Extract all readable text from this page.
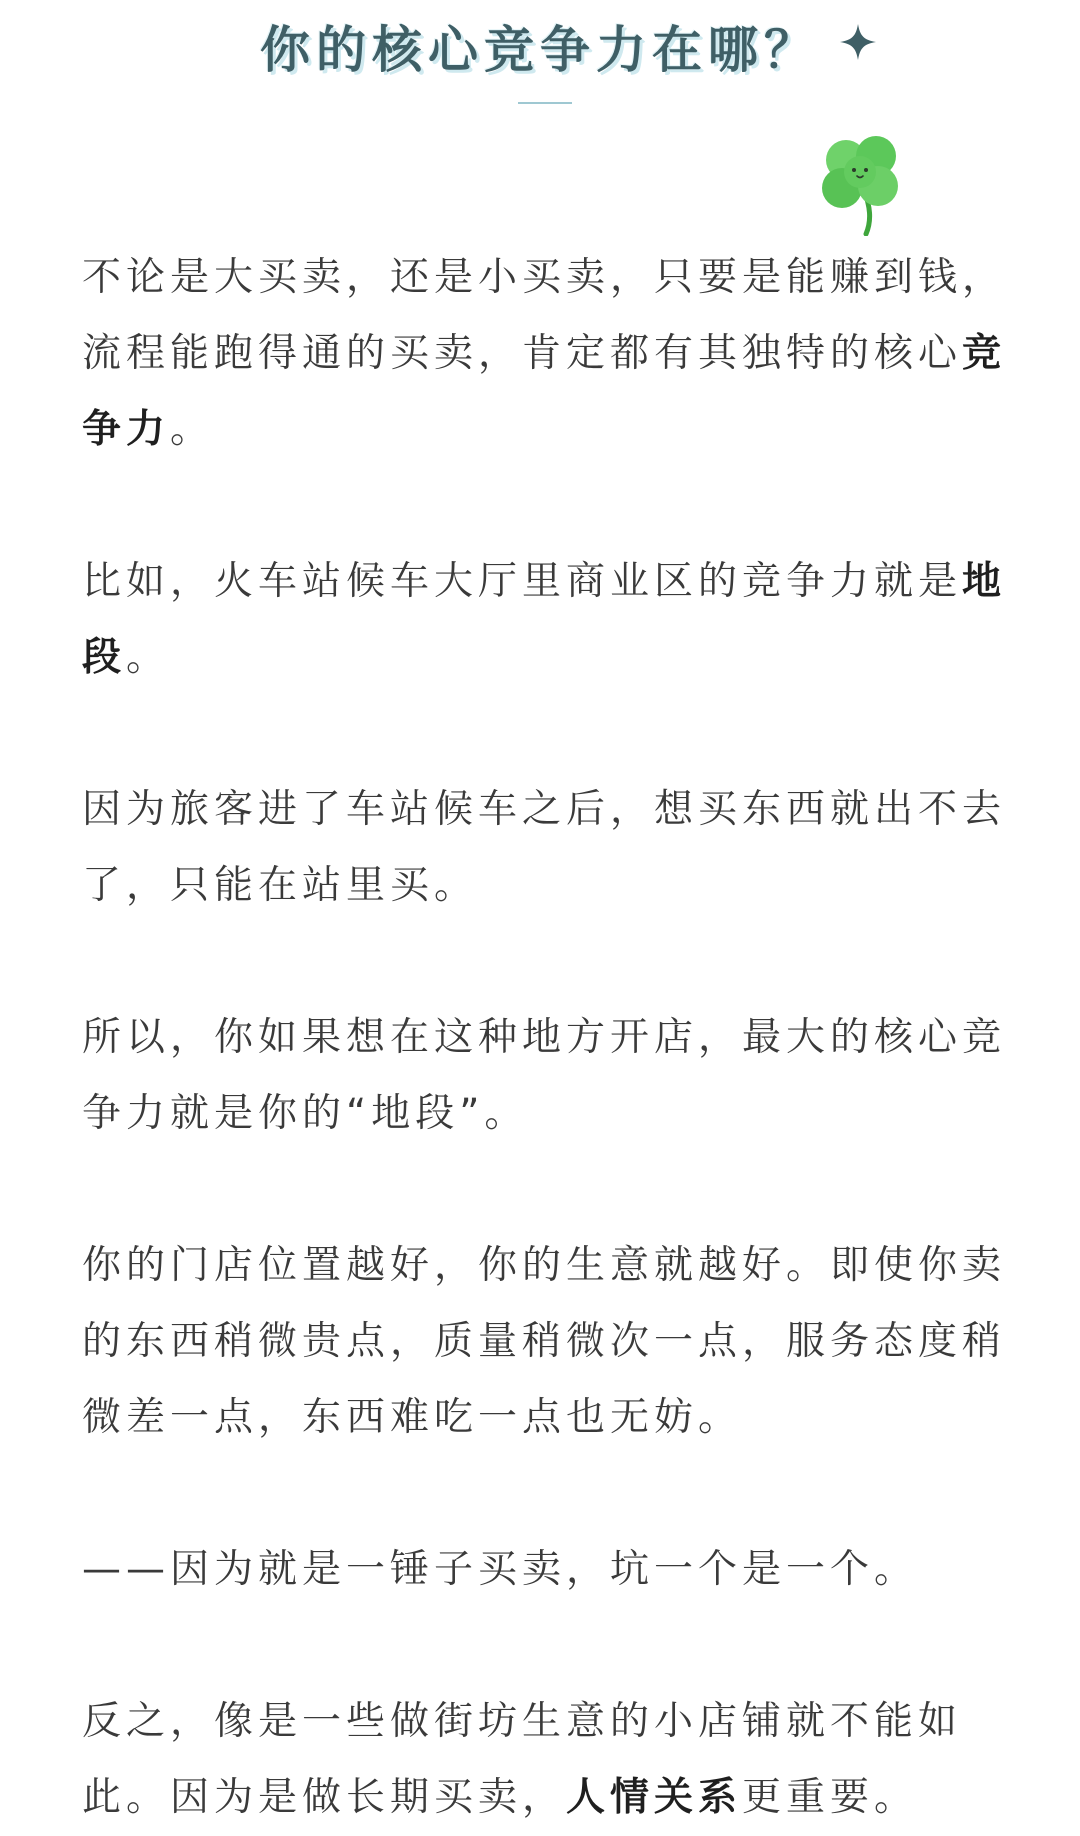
你的核心竞争力在哪？

不论是大买卖，还是小买卖，只要是能赚到钱，流程能跑得通的买卖，肯定都有其独特的核心竞争力。

比如，火车站候车大厅里商业区的竞争力就是地段。

因为旅客进了车站候车之后，想买东西就出不去了，只能在站里买。

所以，你如果想在这种地方开店，最大的核心竞争力就是你的“地段”。

你的门店位置越好，你的生意就越好。即使你卖的东西稍微贵点，质量稍微次一点，服务态度稍微差一点，东西难吃一点也无妨。

——因为就是一锤子买卖，坑一个是一个。

反之，像是一些做街坊生意的小店铺就不能如此。因为是做长期买卖，人情关系更重要。
